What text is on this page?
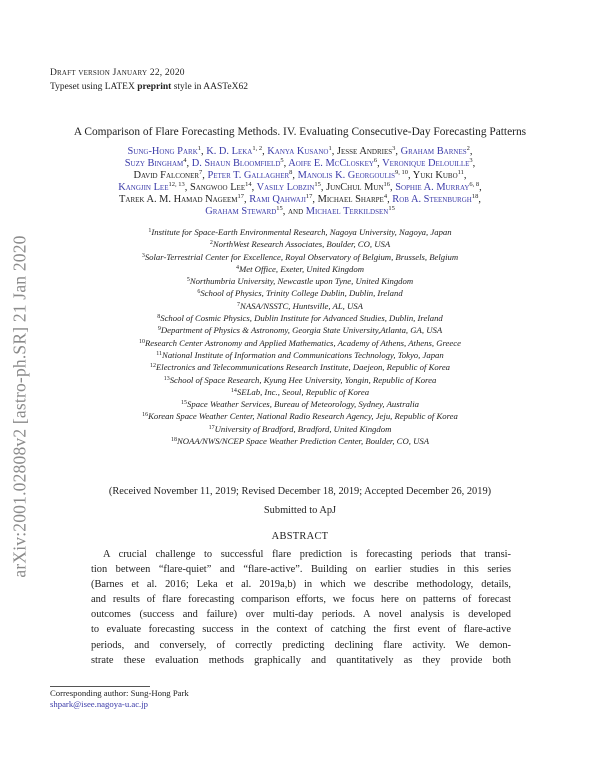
arXiv:2001.02808v2 [astro-ph.SR] 21 Jan 2020
Draft version January 22, 2020
Typeset using LATEX preprint style in AASTeX62
A Comparison of Flare Forecasting Methods. IV. Evaluating Consecutive-Day Forecasting Patterns
Sung-Hong Park$^1$, K. D. Leka$^{1, 2}$, Kanya Kusano$^1$, Jesse Andries$^3$, Graham Barnes$^2$,
Suzy Bingham$^4$, D. Shaun Bloomfield$^5$, Aoife E. McCloskey$^6$, Veronique Delouille$^3$,
David Falconer$^7$, Peter T. Gallagher$^8$, Manolis K. Georgoulis$^{9, 10}$, Yuki Kubo$^{11}$,
Kangjin Lee$^{12, 13}$, Sangwoo Lee$^{14}$, Vasily Lobzin$^{15}$, JunChul Mun$^{16}$, Sophie A. Murray$^{6, 8}$,
Tarek A. M. Hamad Nageem$^{17}$, Rami Qahwaji$^{17}$, Michael Sharpe$^4$, Rob A. Steenburgh$^{18}$,
Graham Steward$^{15}$, and Michael Terkildsen$^{15}$
$^1$Institute for Space-Earth Environmental Research, Nagoya University, Nagoya, Japan
$^2$NorthWest Research Associates, Boulder, CO, USA
$^3$Solar-Terrestrial Center for Excellence, Royal Observatory of Belgium, Brussels, Belgium
$^4$Met Office, Exeter, United Kingdom
$^5$Northumbria University, Newcastle upon Tyne, United Kingdom
$^6$School of Physics, Trinity College Dublin, Dublin, Ireland
$^7$NASA/NSSTC, Huntsville, AL, USA
$^8$School of Cosmic Physics, Dublin Institute for Advanced Studies, Dublin, Ireland
$^9$Department of Physics & Astronomy, Georgia State University,Atlanta, GA, USA
$^{10}$Research Center Astronomy and Applied Mathematics, Academy of Athens, Athens, Greece
$^{11}$National Institute of Information and Communications Technology, Tokyo, Japan
$^{12}$Electronics and Telecommunications Research Institute, Daejeon, Republic of Korea
$^{13}$School of Space Research, Kyung Hee University, Yongin, Republic of Korea
$^{14}$SELab, Inc., Seoul, Republic of Korea
$^{15}$Space Weather Services, Bureau of Meteorology, Sydney, Australia
$^{16}$Korean Space Weather Center, National Radio Research Agency, Jeju, Republic of Korea
$^{17}$University of Bradford, Bradford, United Kingdom
$^{18}$NOAA/NWS/NCEP Space Weather Prediction Center, Boulder, CO, USA
(Received November 11, 2019; Revised December 18, 2019; Accepted December 26, 2019)
Submitted to ApJ
ABSTRACT
A crucial challenge to successful flare prediction is forecasting periods that transi-
tion between “flare-quiet” and “flare-active”. Building on earlier studies in this series
(Barnes et al. 2016; Leka et al. 2019a,b) in which we describe methodology, details,
and results of flare forecasting comparison efforts, we focus here on patterns of forecast
outcomes (success and failure) over multi-day periods. A novel analysis is developed
to evaluate forecasting success in the context of catching the first event of flare-active
periods, and conversely, of correctly predicting declining flare activity. We demon-
strate these evaluation methods graphically and quantitatively as they provide both
Corresponding author: Sung-Hong Park
shpark@isee.nagoya-u.ac.jp
